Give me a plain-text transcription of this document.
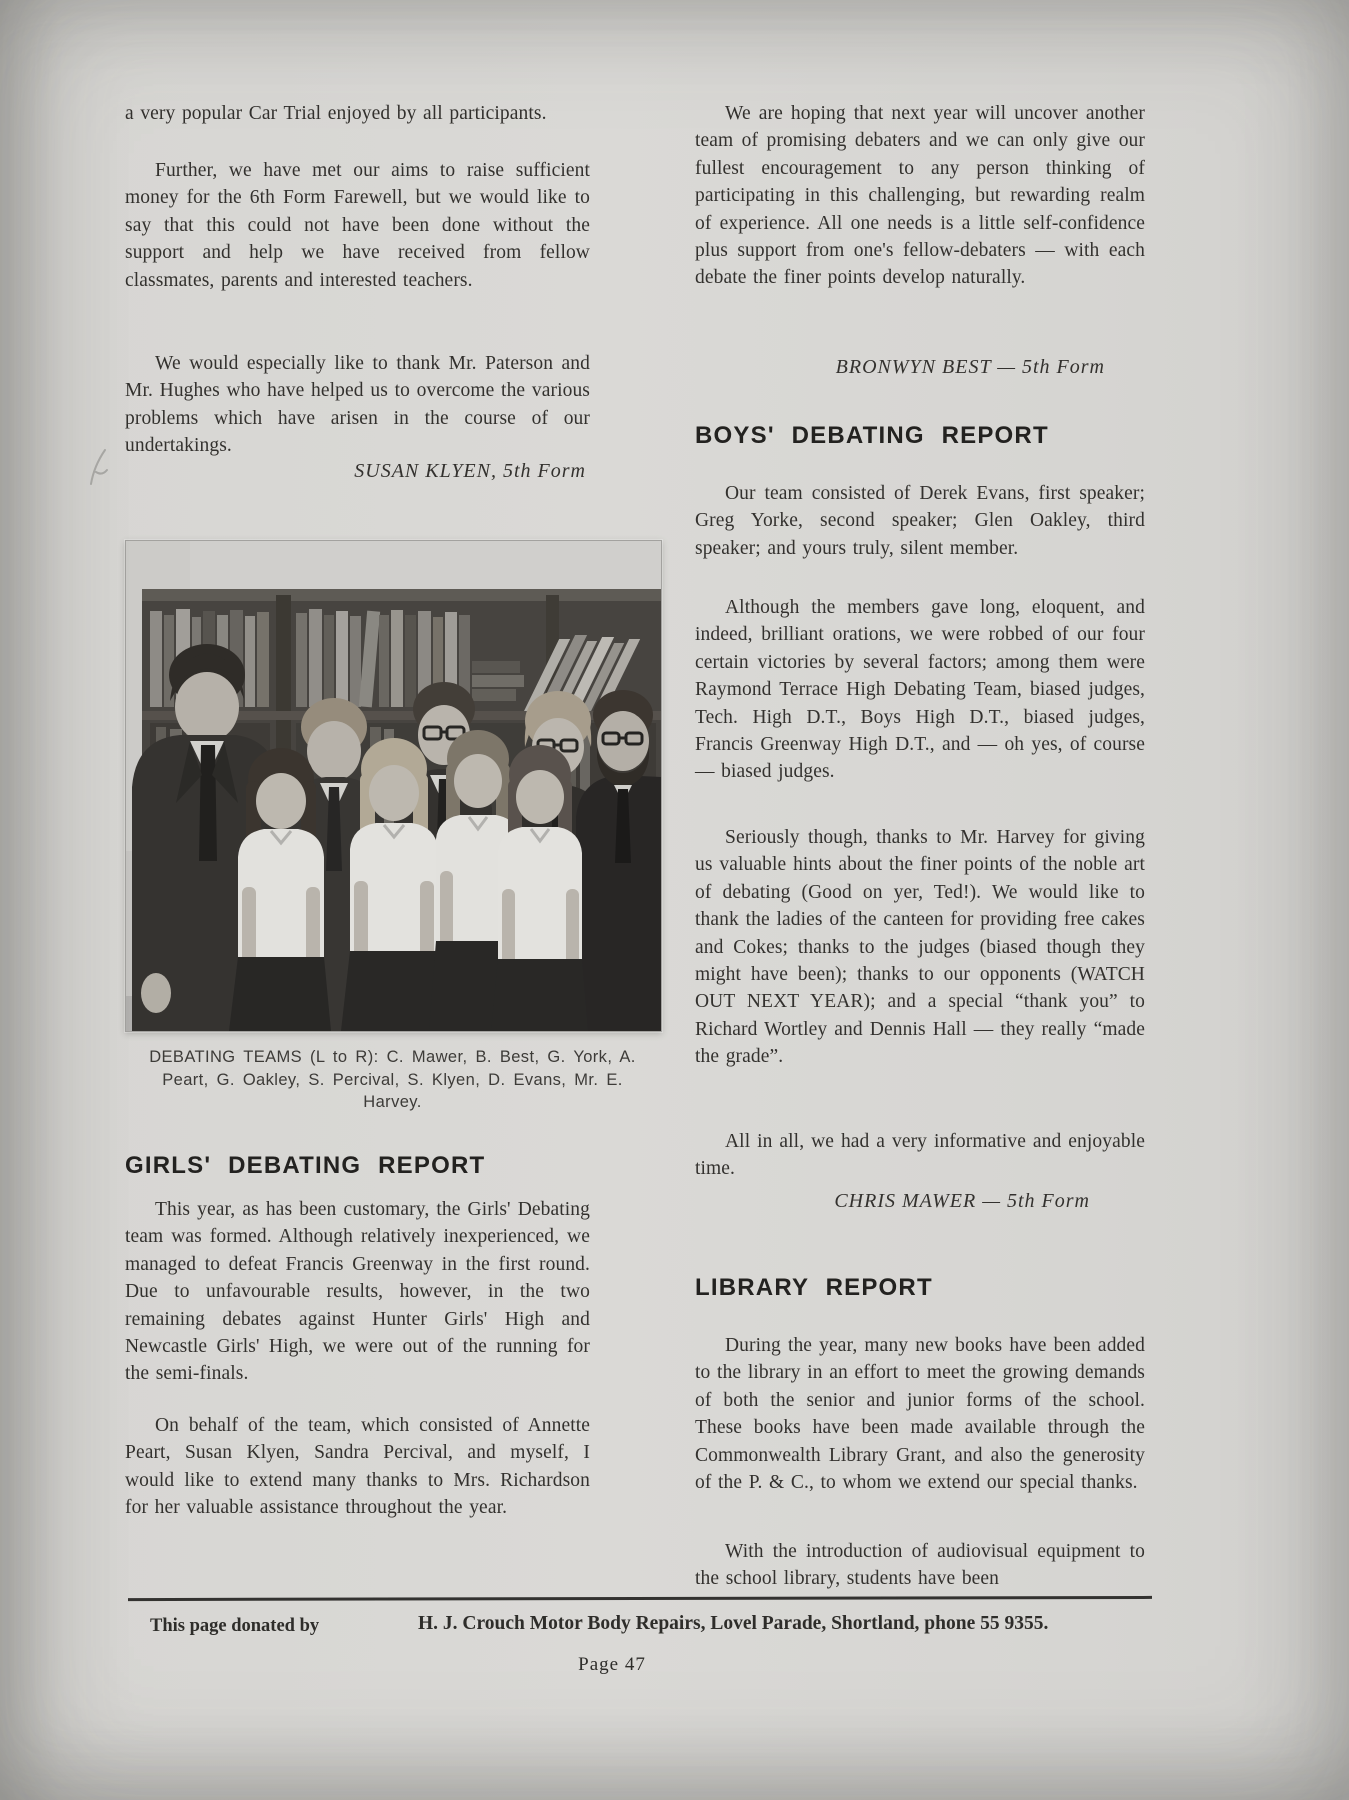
a very popular Car Trial enjoyed by all participants.
Further, we have met our aims to raise sufficient money for the 6th Form Farewell, but we would like to say that this could not have been done without the support and help we have received from fellow classmates, parents and interested teachers.
We would especially like to thank Mr. Paterson and Mr. Hughes who have helped us to overcome the various problems which have arisen in the course of our undertakings.
SUSAN KLYEN, 5th Form
DEBATING TEAMS (L to R): C. Mawer, B. Best, G. York, A. Peart, G. Oakley, S. Percival, S. Klyen, D. Evans, Mr. E. Harvey.
GIRLS' DEBATING REPORT
This year, as has been customary, the Girls' Debating team was formed. Although relatively inexperienced, we managed to defeat Francis Greenway in the first round. Due to unfavourable results, however, in the two remaining debates against Hunter Girls' High and Newcastle Girls' High, we were out of the running for the semi-finals.
On behalf of the team, which consisted of Annette Peart, Susan Klyen, Sandra Percival, and myself, I would like to extend many thanks to Mrs. Richardson for her valuable assistance throughout the year.
We are hoping that next year will uncover another team of promising debaters and we can only give our fullest encouragement to any person thinking of participating in this challenging, but rewarding realm of experience. All one needs is a little self-confidence plus support from one's fellow-debaters — with each debate the finer points develop naturally.
BRONWYN BEST — 5th Form
BOYS' DEBATING REPORT
Our team consisted of Derek Evans, first speaker; Greg Yorke, second speaker; Glen Oakley, third speaker; and yours truly, silent member.
Although the members gave long, eloquent, and indeed, brilliant orations, we were robbed of our four certain victories by several factors; among them were Raymond Terrace High Debating Team, biased judges, Tech. High D.T., Boys High D.T., biased judges, Francis Greenway High D.T., and — oh yes, of course — biased judges.
Seriously though, thanks to Mr. Harvey for giving us valuable hints about the finer points of the noble art of debating (Good on yer, Ted!). We would like to thank the ladies of the canteen for providing free cakes and Cokes; thanks to the judges (biased though they might have been); thanks to our opponents (WATCH OUT NEXT YEAR); and a special “thank you” to Richard Wortley and Dennis Hall — they really “made the grade”.
All in all, we had a very informative and enjoyable time.
CHRIS MAWER — 5th Form
LIBRARY REPORT
During the year, many new books have been added to the library in an effort to meet the growing demands of both the senior and junior forms of the school. These books have been made available through the Commonwealth Library Grant, and also the generosity of the P. & C., to whom we extend our special thanks.
With the introduction of audiovisual equipment to the school library, students have been
This page donated by	H. J. Crouch Motor Body Repairs, Lovel Parade, Shortland, phone 55 9355.
Page 47
